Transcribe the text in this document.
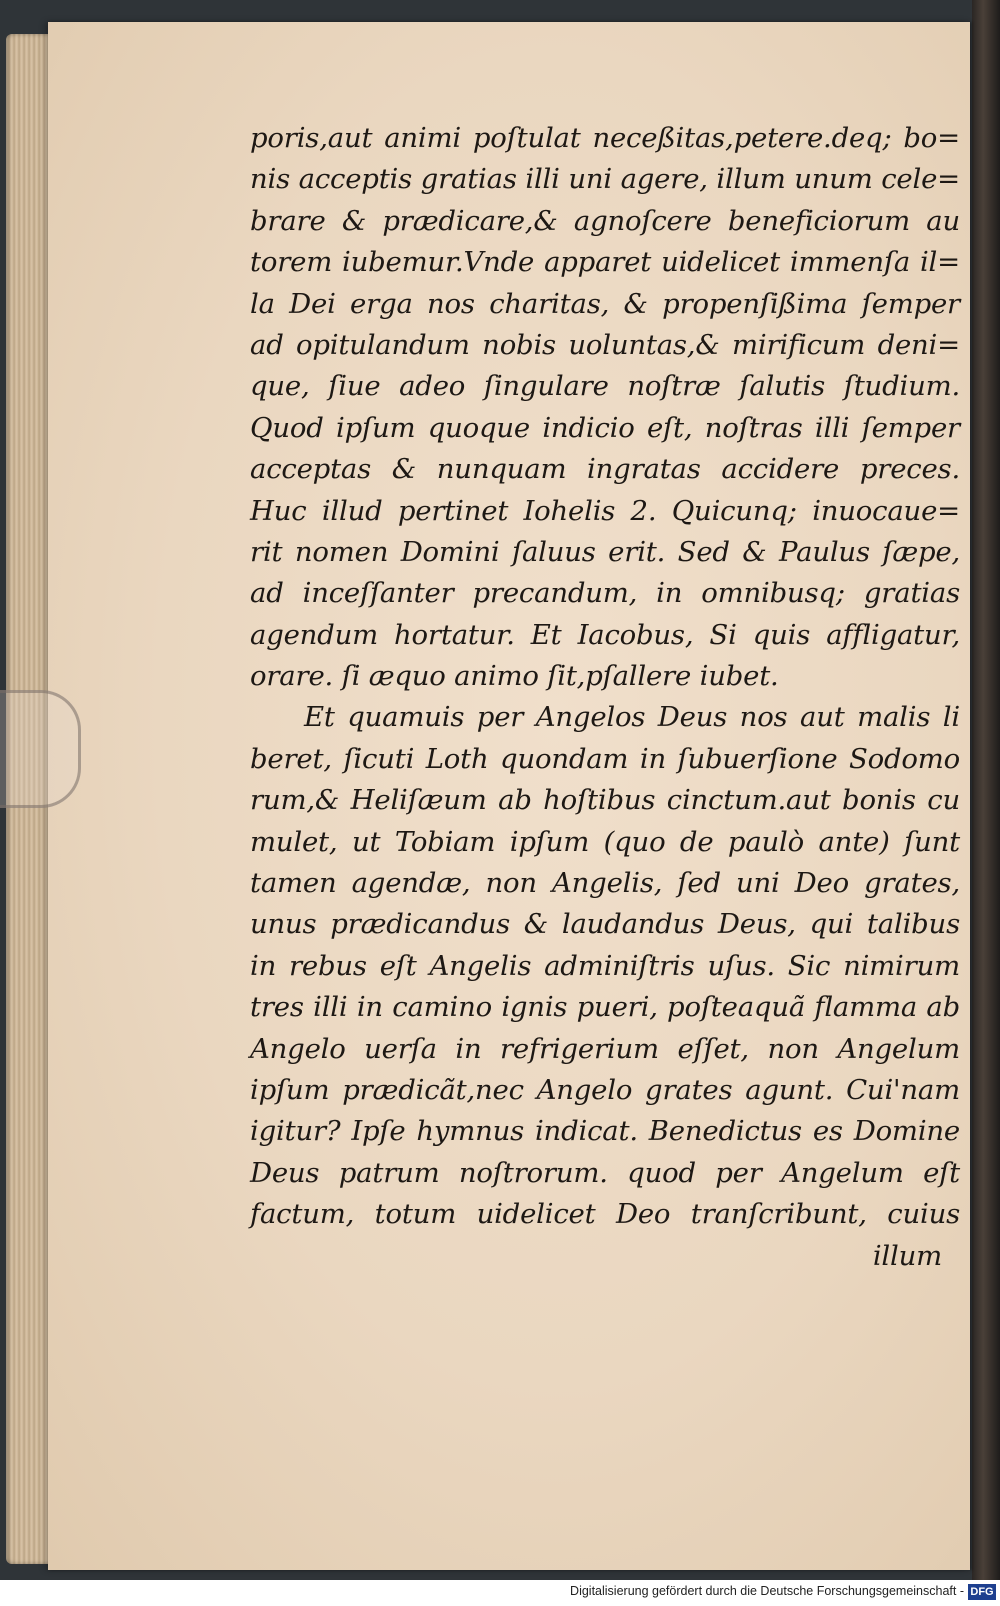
poris,aut animi poſtulat neceßitas,petere.deq; bo=
nis acceptis gratias illi uni agere, illum unum cele=
brare & prædicare,& agnoſcere beneficiorum au
torem iubemur.Vnde apparet uidelicet immenſa il=
la Dei erga nos charitas, & propenſißima ſemper
ad opitulandum nobis uoluntas,& mirificum deni=
que, ſiue adeo ſingulare noſtræ ſalutis ſtudium.
Quod ipſum quoque indicio eſt, noſtras illi ſemper
acceptas & nunquam ingratas accidere preces.
Huc illud pertinet Iohelis 2. Quicunq; inuocaue=
rit nomen Domini ſaluus erit. Sed & Paulus ſæpe,
ad inceſſanter precandum, in omnibusq; gratias
agendum hortatur. Et Iacobus, Si quis affligatur,
orare. ſi æquo animo ſit,pſallere iubet.
Et quamuis per Angelos Deus nos aut malis li
beret, ſicuti Loth quondam in ſubuerſione Sodomo
rum,& Heliſæum ab hoſtibus cinctum.aut bonis cu
mulet, ut Tobiam ipſum (quo de paulò ante) ſunt
tamen agendæ, non Angelis, ſed uni Deo grates,
unus prædicandus & laudandus Deus, qui talibus
in rebus eſt Angelis adminiſtris uſus. Sic nimirum
tres illi in camino ignis pueri, poſteaquã flamma ab
Angelo uerſa in refrigerium eſſet, non Angelum
ipſum prædicãt,nec Angelo grates agunt. Cui'nam
igitur? Ipſe hymnus indicat. Benedictus es Domine
Deus patrum noſtrorum. quod per Angelum eſt
factum, totum uidelicet Deo tranſcribunt, cuius
illum
Digitalisierung gefördert durch die Deutsche Forschungsgemeinschaft - DFG
